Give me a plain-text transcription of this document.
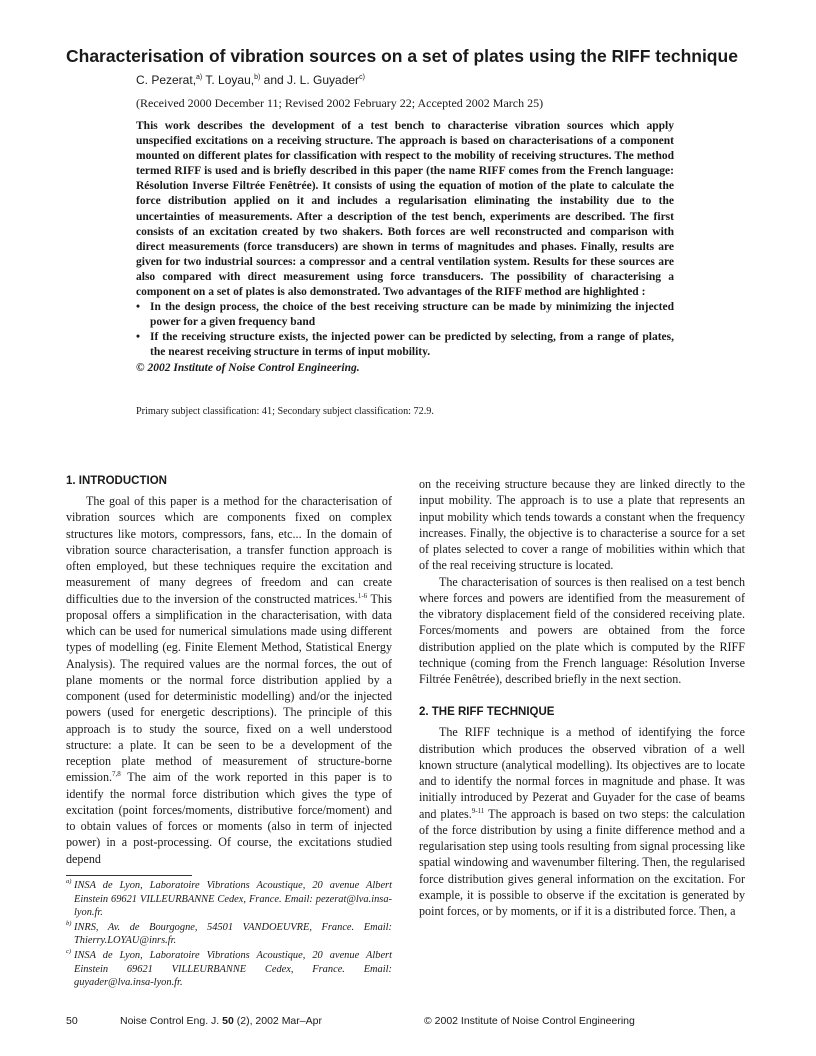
Characterisation of vibration sources on a set of plates using the RIFF technique
C. Pezerat,$^{a)}$ T. Loyau,$^{b)}$ and J. L. Guyader$^{c)}$
(Received 2000 December 11; Revised 2002 February 22; Accepted 2002 March 25)

This work describes the development of a test bench to characterise vibration sources which apply unspecified excitations on a receiving structure. The approach is based on characterisations of a component mounted on different plates for classification with respect to the mobility of receiving structures. The method termed RIFF is used and is briefly described in this paper (the name RIFF comes from the French language: Résolution Inverse Filtrée Fenêtrée). It consists of using the equation of motion of the plate to calculate the force distribution applied on it and includes a regularisation eliminating the instability due to the uncertainties of measurements. After a description of the test bench, experiments are described. The first consists of an excitation created by two shakers. Both forces are well reconstructed and comparison with direct measurements (force transducers) are shown in terms of magnitudes and phases. Finally, results are given for two industrial sources: a compressor and a central ventilation system. Results for these sources are also compared with direct measurement using force transducers. The possibility of characterising a component on a set of plates is also demonstrated. Two advantages of the RIFF method are highlighted :

• In the design process, the choice of the best receiving structure can be made by minimizing the injected power for a given frequency band
• If the receiving structure exists, the injected power can be predicted by selecting, from a range of plates, the nearest receiving structure in terms of input mobility.

© 2002 Institute of Noise Control Engineering.

Primary subject classification: 41; Secondary subject classification: 72.9.
1. INTRODUCTION

The goal of this paper is a method for the characterisation of vibration sources which are components fixed on complex structures like motors, compressors, fans, etc... In the domain of vibration source characterisation, a transfer function approach is often employed, but these techniques require the excitation and measurement of many degrees of freedom and can create difficulties due to the inversion of the constructed matrices.$^{1-6}$ This proposal offers a simplification in the characterisation, with data which can be used for numerical simulations made using different types of modelling (eg. Finite Element Method, Statistical Energy Analysis). The required values are the normal forces, the out of plane moments or the normal force distribution applied by a component (used for deterministic modelling) and/or the injected powers (used for energetic descriptions). The principle of this approach is to study the source, fixed on a well understood structure: a plate. It can be seen to be a development of the reception plate method of measurement of structure-borne emission.$^{7,8}$ The aim of the work reported in this paper is to identify the normal force distribution which gives the type of excitation (point forces/moments, distributive force/moment) and to obtain values of forces or moments (also in term of injected power) in a post-processing. Of course, the excitations studied depend

on the receiving structure because they are linked directly to the input mobility. The approach is to use a plate that represents an input mobility which tends towards a constant when the frequency increases. Finally, the objective is to characterise a source for a set of plates selected to cover a range of mobilities within which that of the real receiving structure is located.

The characterisation of sources is then realised on a test bench where forces and powers are identified from the measurement of the vibratory displacement field of the considered receiving plate. Forces/moments and powers are obtained from the force distribution applied on the plate which is computed by the RIFF technique (coming from the French language: Résolution Inverse Filtrée Fenêtrée), described briefly in the next section.

2. THE RIFF TECHNIQUE

The RIFF technique is a method of identifying the force distribution which produces the observed vibration of a well known structure (analytical modelling). Its objectives are to locate and to identify the normal forces in magnitude and phase. It was initially introduced by Pezerat and Guyader for the case of beams and plates.$^{9-11}$ The approach is based on two steps: the calculation of the force distribution by using a finite difference method and a regularisation step using tools resulting from signal processing like spatial windowing and wavenumber filtering. Then, the regularised force distribution gives general information on the excitation. For example, it is possible to observe if the excitation is generated by point forces, or by moments, or if it is a distributed force. Then, a

a) INSA de Lyon, Laboratoire Vibrations Acoustique, 20 avenue Albert Einstein 69621 VILLEURBANNE Cedex, France. Email: pezerat@lva.insa-lyon.fr.
b) INRS, Av. de Bourgogne, 54501 VANDOEUVRE, France. Email: Thierry.LOYAU@inrs.fr.
c) INSA de Lyon, Laboratoire Vibrations Acoustique, 20 avenue Albert Einstein 69621 VILLEURBANNE Cedex, France. Email: guyader@lva.insa-lyon.fr.
50	Noise Control Eng. J. 50 (2), 2002 Mar–Apr	© 2002 Institute of Noise Control Engineering
